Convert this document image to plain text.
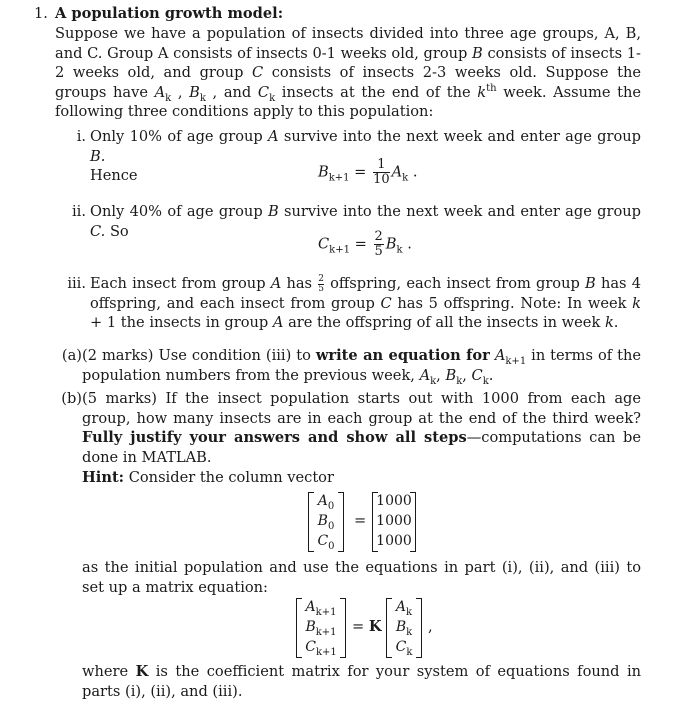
1. A population growth model:
Suppose we have a population of insects divided into three age groups, A, B, and C. Group A consists of insects 0-1 weeks old, group B consists of insects 1-2 weeks old, and group C consists of insects 2-3 weeks old. Suppose the groups have $A_k$ , $B_k$ , and $C_k$ insects at the end of the $k^{th}$ week. Assume the following three conditions apply to this population:
i. Only 10% of age group A survive into the next week and enter age group B.
Hence	$B_{k+1} = \frac{1}{10} A_k$ .
ii. Only 40% of age group B survive into the next week and enter age group C. So
$C_{k+1} = \frac{2}{5} B_k$ .
iii. Each insect from group A has $\frac{2}{5}$ offspring, each insect from group B has 4 offspring, and each insect from group C has 5 offspring. Note: In week k + 1 the insects in group A are the offspring of all the insects in week k.
(a) (2 marks) Use condition (iii) to write an equation for $A_{k+1}$ in terms of the population numbers from the previous week, $A_k$, $B_k$, $C_k$.
(b) (5 marks) If the insect population starts out with 1000 from each age group, how many insects are in each group at the end of the third week? Fully justify your answers and show all steps—computations can be done in MATLAB.
Hint: Consider the column vector
$A_0$
$B_0$
$C_0$
=
1000
1000
1000
as the initial population and use the equations in part (i), (ii), and (iii) to set up a matrix equation:
$A_{k+1}$
$B_{k+1}$
$C_{k+1}$
= K
$A_k$
$B_k$
$C_k$
,
where K is the coefficient matrix for your system of equations found in parts (i), (ii), and (iii).
